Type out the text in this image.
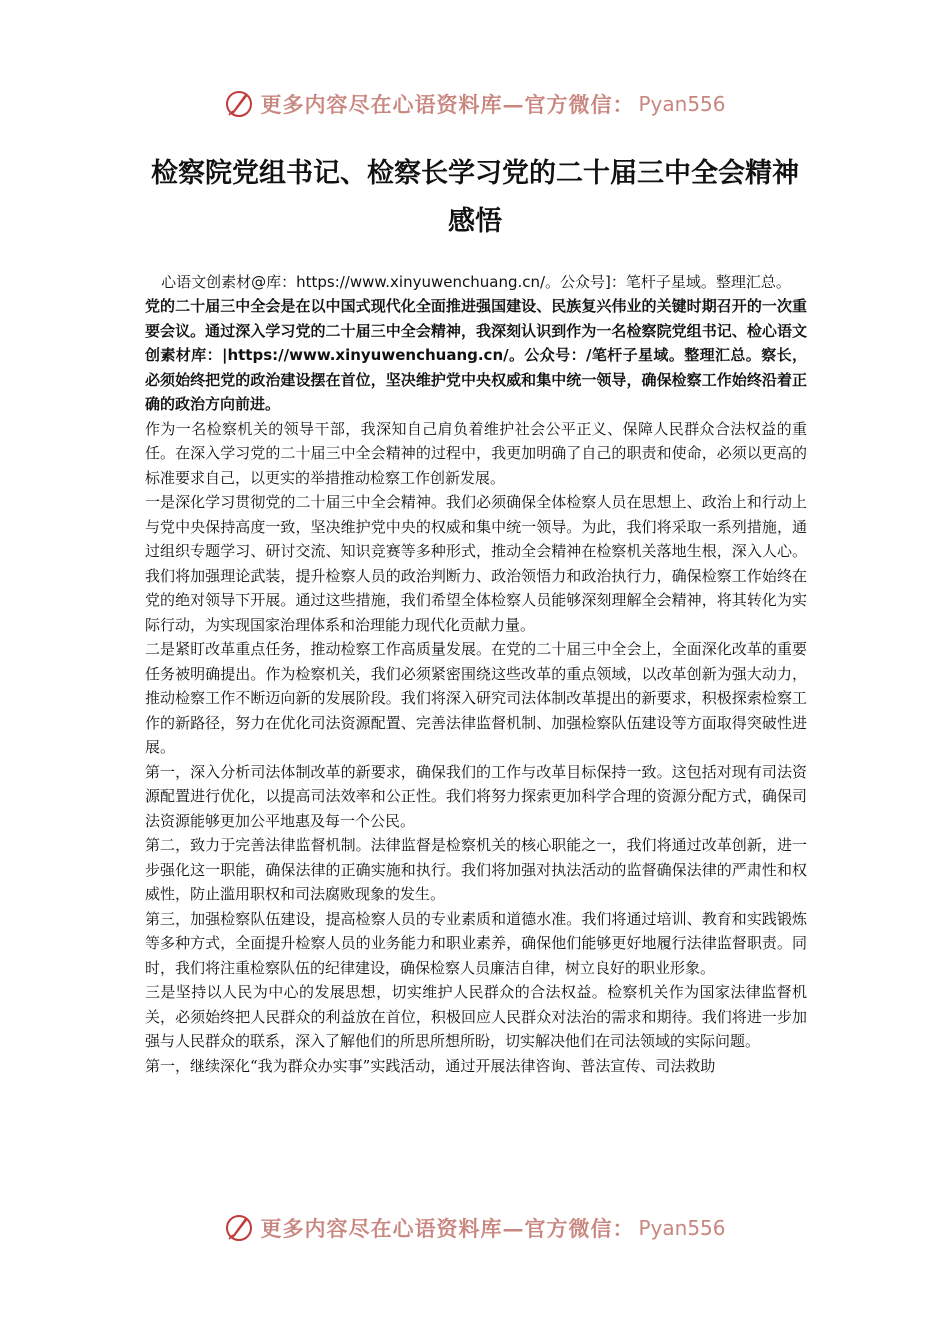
更多内容尽在心语资料库—官方微信： Pyan556
检察院党组书记、检察长学习党的二十届三中全会精神感悟

心语文创素材@库：https://www.xinyuwenchuang.cn/。公众号]：笔杆子星域。整理汇总。

党的二十届三中全会是在以中国式现代化全面推进强国建设、民族复兴伟业的关键时期召开的一次重要会议。通过深入学习党的二十届三中全会精神，我深刻认识到作为一名检察院党组书记、检心语文创素材库：|https://www.xinyuwenchuang.cn/。公众号：/笔杆子星域。整理汇总。察长，必须始终把党的政治建设摆在首位，坚决维护党中央权威和集中统一领导，确保检察工作始终沿着正确的政治方向前进。

作为一名检察机关的领导干部，我深知自己肩负着维护社会公平正义、保障人民群众合法权益的重任。在深入学习党的二十届三中全会精神的过程中，我更加明确了自己的职责和使命，必须以更高的标准要求自己，以更实的举措推动检察工作创新发展。

一是深化学习贯彻党的二十届三中全会精神。我们必须确保全体检察人员在思想上、政治上和行动上与党中央保持高度一致，坚决维护党中央的权威和集中统一领导。为此，我们将采取一系列措施，通过组织专题学习、研讨交流、知识竞赛等多种形式，推动全会精神在检察机关落地生根，深入人心。我们将加强理论武装，提升检察人员的政治判断力、政治领悟力和政治执行力，确保检察工作始终在党的绝对领导下开展。通过这些措施，我们希望全体检察人员能够深刻理解全会精神，将其转化为实际行动，为实现国家治理体系和治理能力现代化贡献力量。

二是紧盯改革重点任务，推动检察工作高质量发展。在党的二十届三中全会上，全面深化改革的重要任务被明确提出。作为检察机关，我们必须紧密围绕这些改革的重点领域，以改革创新为强大动力，推动检察工作不断迈向新的发展阶段。我们将深入研究司法体制改革提出的新要求，积极探索检察工作的新路径，努力在优化司法资源配置、完善法律监督机制、加强检察队伍建设等方面取得突破性进展。

第一，深入分析司法体制改革的新要求，确保我们的工作与改革目标保持一致。这包括对现有司法资源配置进行优化，以提高司法效率和公正性。我们将努力探索更加科学合理的资源分配方式，确保司法资源能够更加公平地惠及每一个公民。

第二，致力于完善法律监督机制。法律监督是检察机关的核心职能之一，我们将通过改革创新，进一步强化这一职能，确保法律的正确实施和执行。我们将加强对执法活动的监督确保法律的严肃性和权威性，防止滥用职权和司法腐败现象的发生。

第三，加强检察队伍建设，提高检察人员的专业素质和道德水准。我们将通过培训、教育和实践锻炼等多种方式，全面提升检察人员的业务能力和职业素养，确保他们能够更好地履行法律监督职责。同时，我们将注重检察队伍的纪律建设，确保检察人员廉洁自律，树立良好的职业形象。

三是坚持以人民为中心的发展思想，切实维护人民群众的合法权益。检察机关作为国家法律监督机关，必须始终把人民群众的利益放在首位，积极回应人民群众对法治的需求和期待。我们将进一步加强与人民群众的联系，深入了解他们的所思所想所盼，切实解决他们在司法领域的实际问题。

第一，继续深化“我为群众办实事”实践活动，通过开展法律咨询、普法宣传、司法救助

更多内容尽在心语资料库—官方微信： Pyan556
